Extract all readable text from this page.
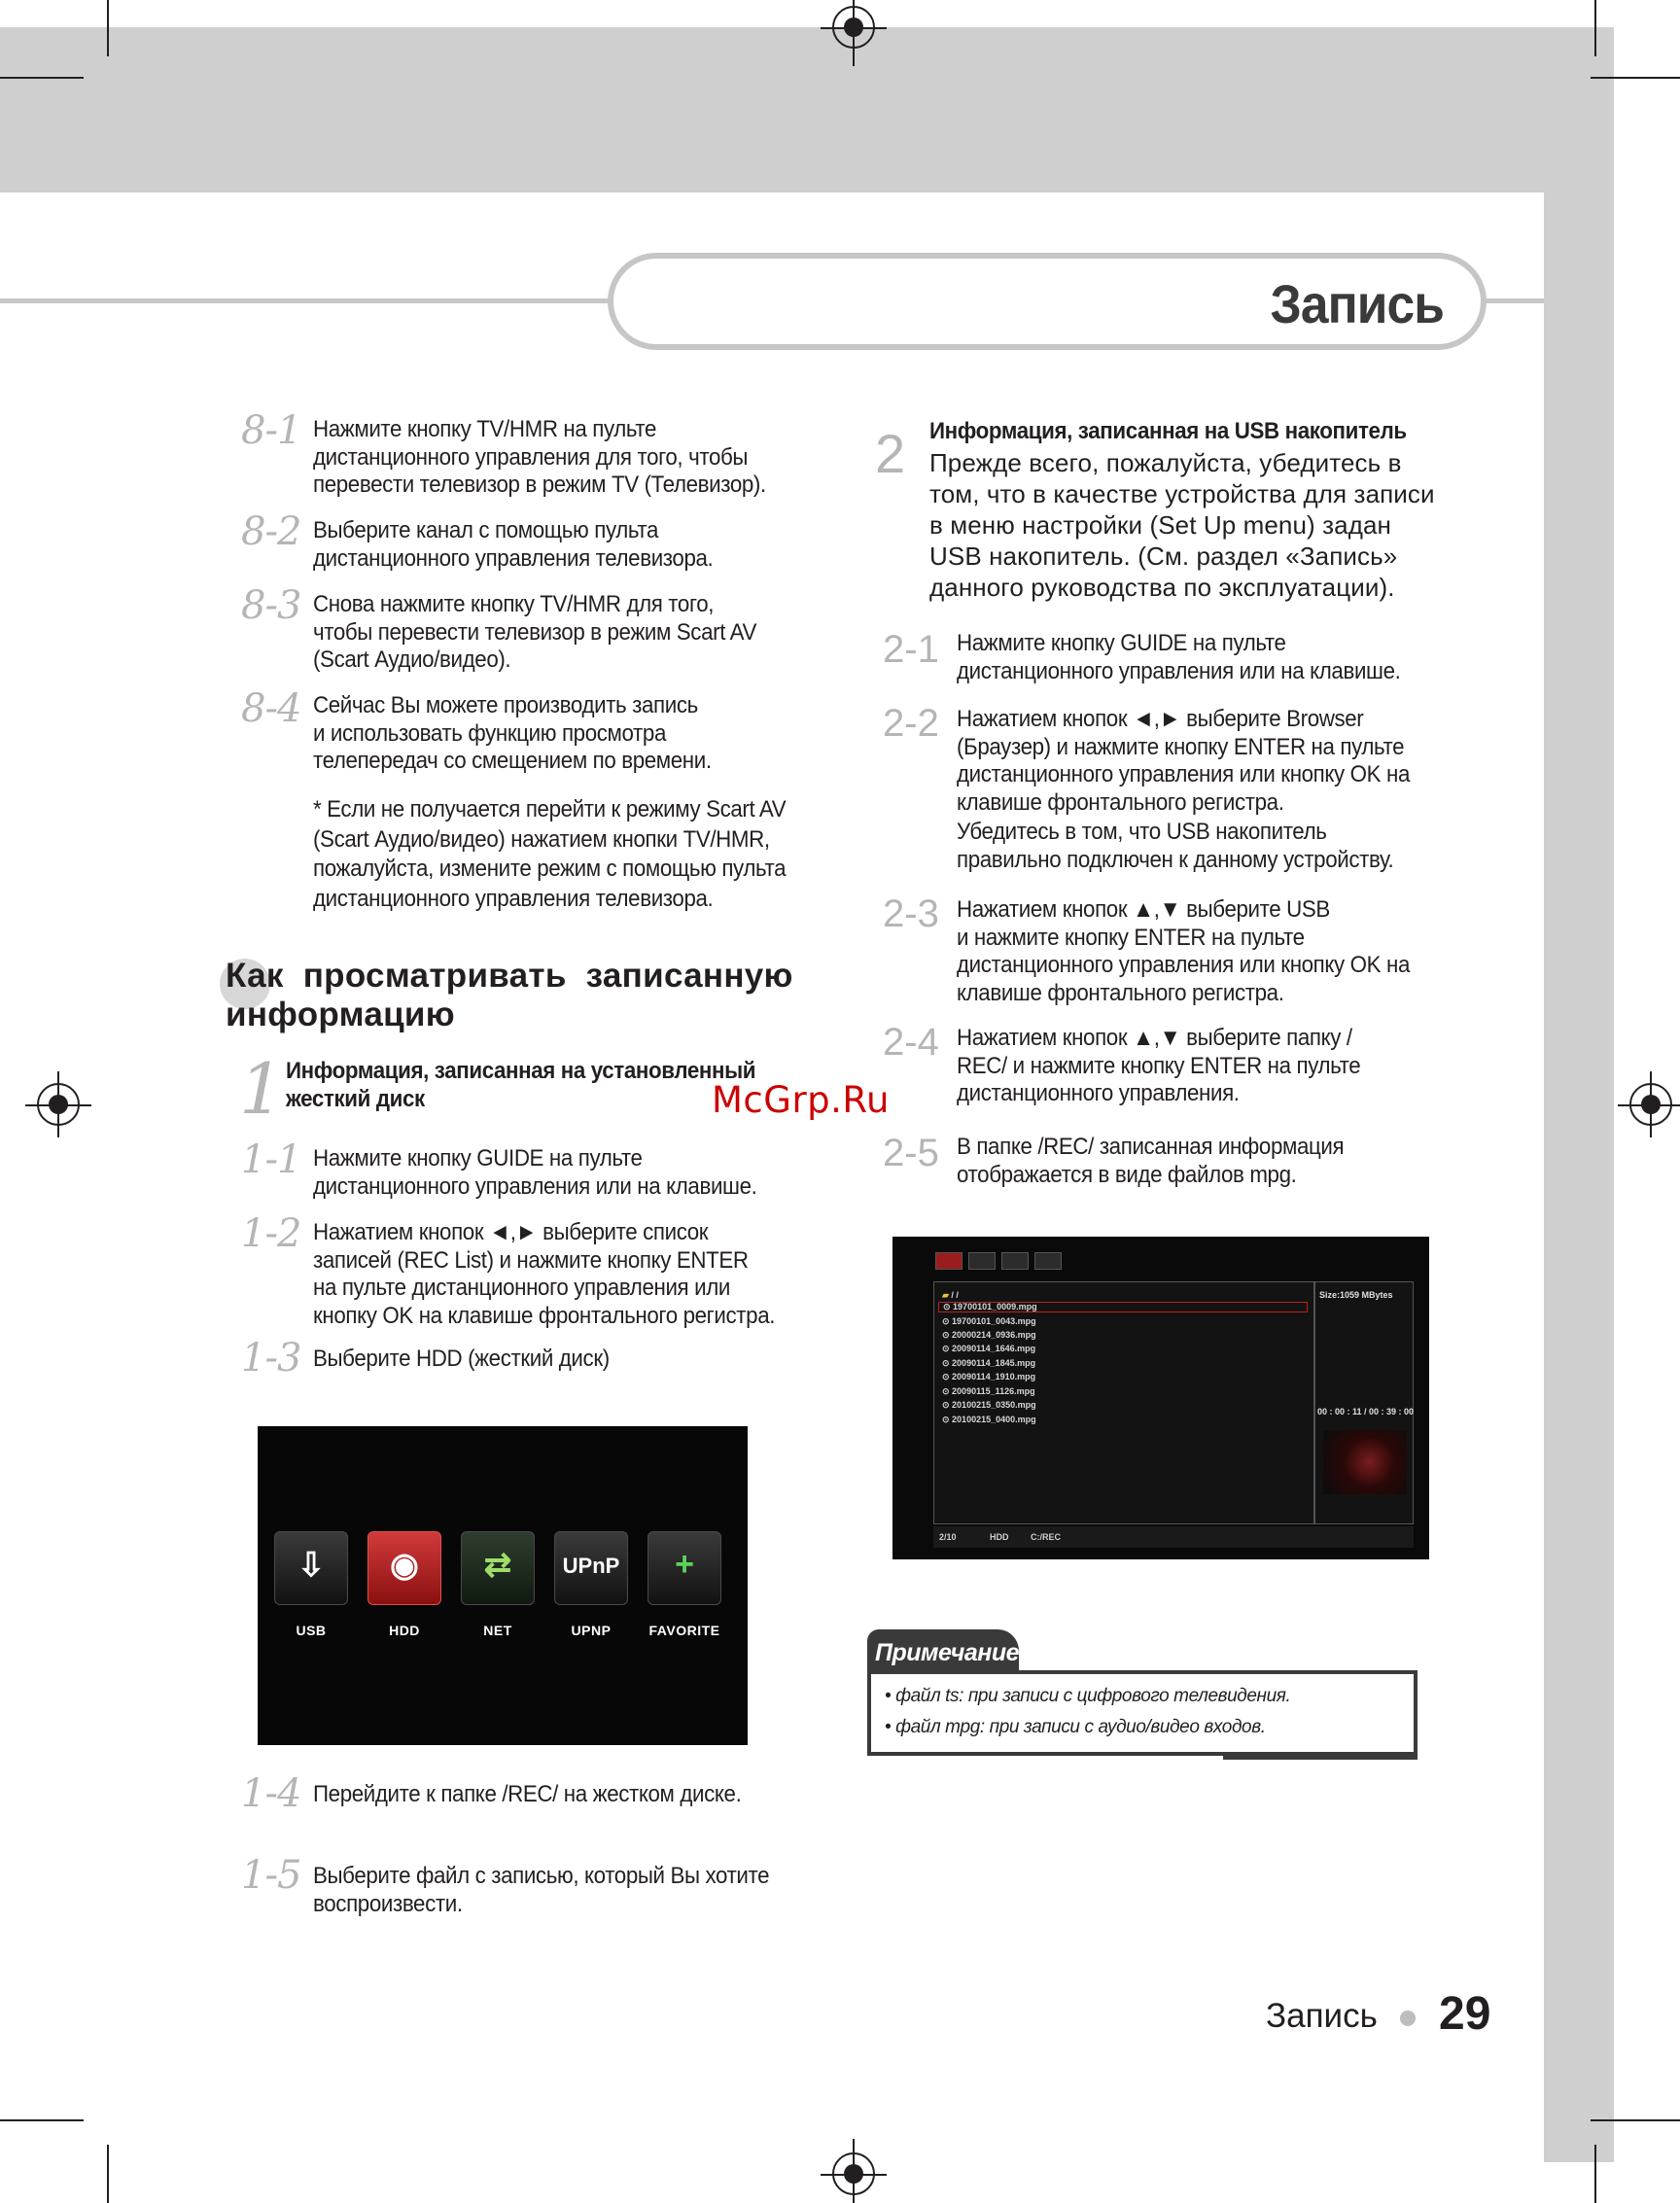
Запись
8-1 Нажмите кнопку TV/HMR на пульте
дистанционного управления для того, чтобы
перевести телевизор в режим TV (Телевизор).
8-2 Выберите канал с помощью пульта
дистанционного управления телевизора.
8-3 Снова нажмите кнопку TV/HMR для того,
чтобы перевести телевизор в режим Scart AV
(Scart Аудио/видео).
8-4 Сейчас Вы можете производить запись
и использовать функцию просмотра
телепередач со смещением по времени.
* Если не получается перейти к режиму Scart AV
(Scart Аудио/видео) нажатием кнопки TV/HMR,
пожалуйста, измените режим с помощью пульта
дистанционного управления телевизора.
Как  просматривать  записанную
информацию
1 Информация, записанная на установленный
жесткий диск
1-1 Нажмите кнопку GUIDE на пульте
дистанционного управления или на клавише.
1-2 Нажатием кнопок ◄,► выберите список
записей (REC List) и нажмите кнопку ENTER
на пульте дистанционного управления или
кнопку OK на клавише фронтального регистра.
1-3 Выберите HDD (жесткий диск)
⇩	◉	⇄	UPnP	+
USB	HDD	NET	UPNP	FAVORITE
1-4 Перейдите к папке /REC/ на жестком диске.
1-5 Выберите файл с записью, который Вы хотите
воспроизвести.
2 Информация, записанная на USB накопитель
Прежде всего, пожалуйста, убедитесь в
том, что в качестве устройства для записи
в меню настройки (Set Up menu) задан
USB накопитель. (См. раздел «Запись»
данного руководства по эксплуатации).
2-1 Нажмите кнопку GUIDE на пульте
дистанционного управления или на клавише.
2-2 Нажатием кнопок ◄,► выберите Browser
(Браузер) и нажмите кнопку ENTER на пульте
дистанционного управления или кнопку OK на
клавише фронтального регистра.
Убедитесь в том, что USB накопитель
правильно подключен к данному устройству.
2-3 Нажатием кнопок ▲,▼ выберите USB
и нажмите кнопку ENTER на пульте
дистанционного управления или кнопку OK на
клавише фронтального регистра.
2-4 Нажатием кнопок ▲,▼ выберите папку /
REC/ и нажмите кнопку ENTER на пульте
дистанционного управления.
2-5 В папке /REC/ записанная информация
отображается в виде файлов mpg.
▰ / /
⊙ 19700101_0009.mpg
⊙ 19700101_0043.mpg
⊙ 20000214_0936.mpg
⊙ 20090114_1646.mpg
⊙ 20090114_1845.mpg
⊙ 20090114_1910.mpg
⊙ 20090115_1126.mpg
⊙ 20100215_0350.mpg
⊙ 20100215_0400.mpg
Size:1059 MBytes
00 : 00 : 11 / 00 : 39 : 00
2/10	HDD	C:/REC
McGrp.Ru
Примечание
• файл ts: при записи с цифрового телевидения.
• файл mpg: при записи с аудио/видео входов.
Запись 29
